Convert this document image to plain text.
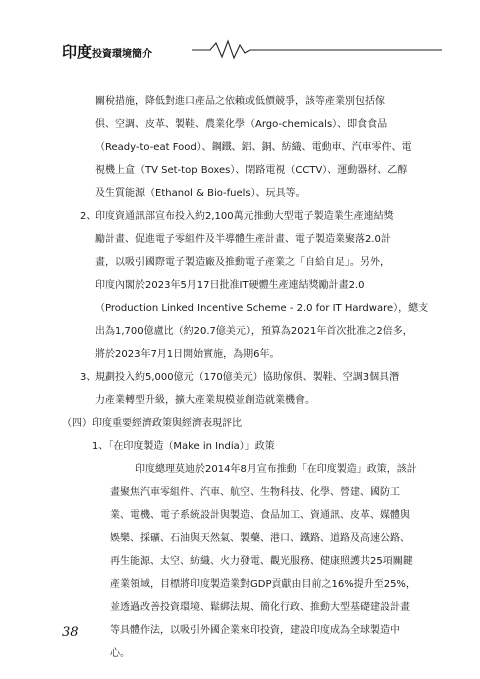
印度投資環境簡介
關稅措施，降低對進口產品之依賴或低價競爭，該等產業別包括傢
俱、空調、皮革、製鞋、農業化學（Argo-chemicals）、即食食品
（Ready-to-eat Food）、鋼鐵、鋁、銅、紡織、電動車、汽車零件、電
視機上盒（TV Set-top Boxes）、閉路電視（CCTV）、運動器材、乙醇
及生質能源（Ethanol & Bio-fuels）、玩具等。
2、
印度資通訊部宣布投入約2,100萬元推動大型電子製造業生產連結獎
勵計畫、促進電子零組件及半導體生產計畫、電子製造業聚落2.0計
畫，以吸引國際電子製造廠及推動電子產業之「自給自足」。另外，
印度內閣於2023年5月17日批准IT硬體生產連結獎勵計畫2.0
（Production Linked Incentive Scheme - 2.0 for IT Hardware），總支
出為1,700億盧比（約20.7億美元），預算為2021年首次批准之2倍多，
將於2023年7月1日開始實施，為期6年。
3、
規劃投入約5,000億元（170億美元）協助傢俱、製鞋、空調3個具潛
力產業轉型升級，擴大產業規模並創造就業機會。
（四）印度重要經濟政策與經濟表現評比
1、「在印度製造（Make in India）」政策
印度總理莫迪於2014年8月宣布推動「在印度製造」政策，該計
畫聚焦汽車零組件、汽車、航空、生物科技、化學、營建、國防工
業、電機、電子系統設計與製造、食品加工、資通訊、皮革、媒體與
娛樂、採礦、石油與天然氣、製藥、港口、鐵路、道路及高速公路、
再生能源、太空、紡織、火力發電、觀光服務、健康照護共25項關鍵
產業領域，目標將印度製造業對GDP貢獻由目前之16%提升至25%，
並透過改善投資環境、鬆綁法規、簡化行政、推動大型基礎建設計畫
等具體作法，以吸引外國企業來印投資，建設印度成為全球製造中
心。
38
